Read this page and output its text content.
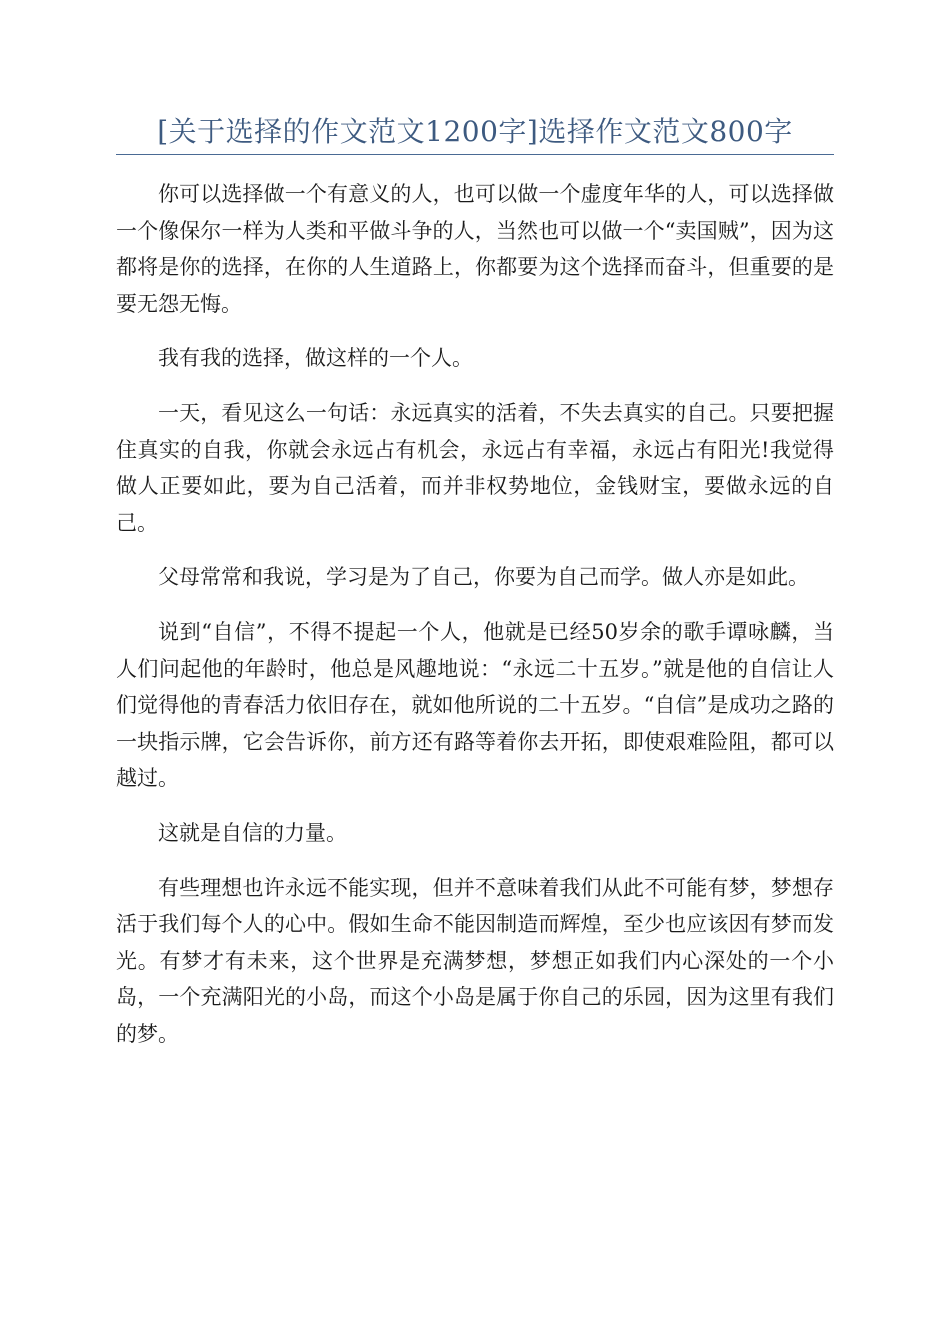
[关于选择的作文范文1200字]选择作文范文800字

你可以选择做一个有意义的人，也可以做一个虚度年华的人，可以选择做一个像保尔一样为人类和平做斗争的人，当然也可以做一个“卖国贼”，因为这都将是你的选择，在你的人生道路上，你都要为这个选择而奋斗，但重要的是要无怨无悔。

我有我的选择，做这样的一个人。

一天，看见这么一句话：永远真实的活着，不失去真实的自己。只要把握住真实的自我，你就会永远占有机会，永远占有幸福，永远占有阳光!我觉得做人正要如此，要为自己活着，而并非权势地位，金钱财宝，要做永远的自己。

父母常常和我说，学习是为了自己，你要为自己而学。做人亦是如此。

说到“自信”，不得不提起一个人，他就是已经50岁余的歌手谭咏麟，当人们问起他的年龄时，他总是风趣地说：“永远二十五岁。”就是他的自信让人们觉得他的青春活力依旧存在，就如他所说的二十五岁。“自信”是成功之路的一块指示牌，它会告诉你，前方还有路等着你去开拓，即使艰难险阻，都可以越过。

这就是自信的力量。

有些理想也许永远不能实现，但并不意味着我们从此不可能有梦，梦想存活于我们每个人的心中。假如生命不能因制造而辉煌，至少也应该因有梦而发光。有梦才有未来，这个世界是充满梦想，梦想正如我们内心深处的一个小岛，一个充满阳光的小岛，而这个小岛是属于你自己的乐园，因为这里有我们的梦。
